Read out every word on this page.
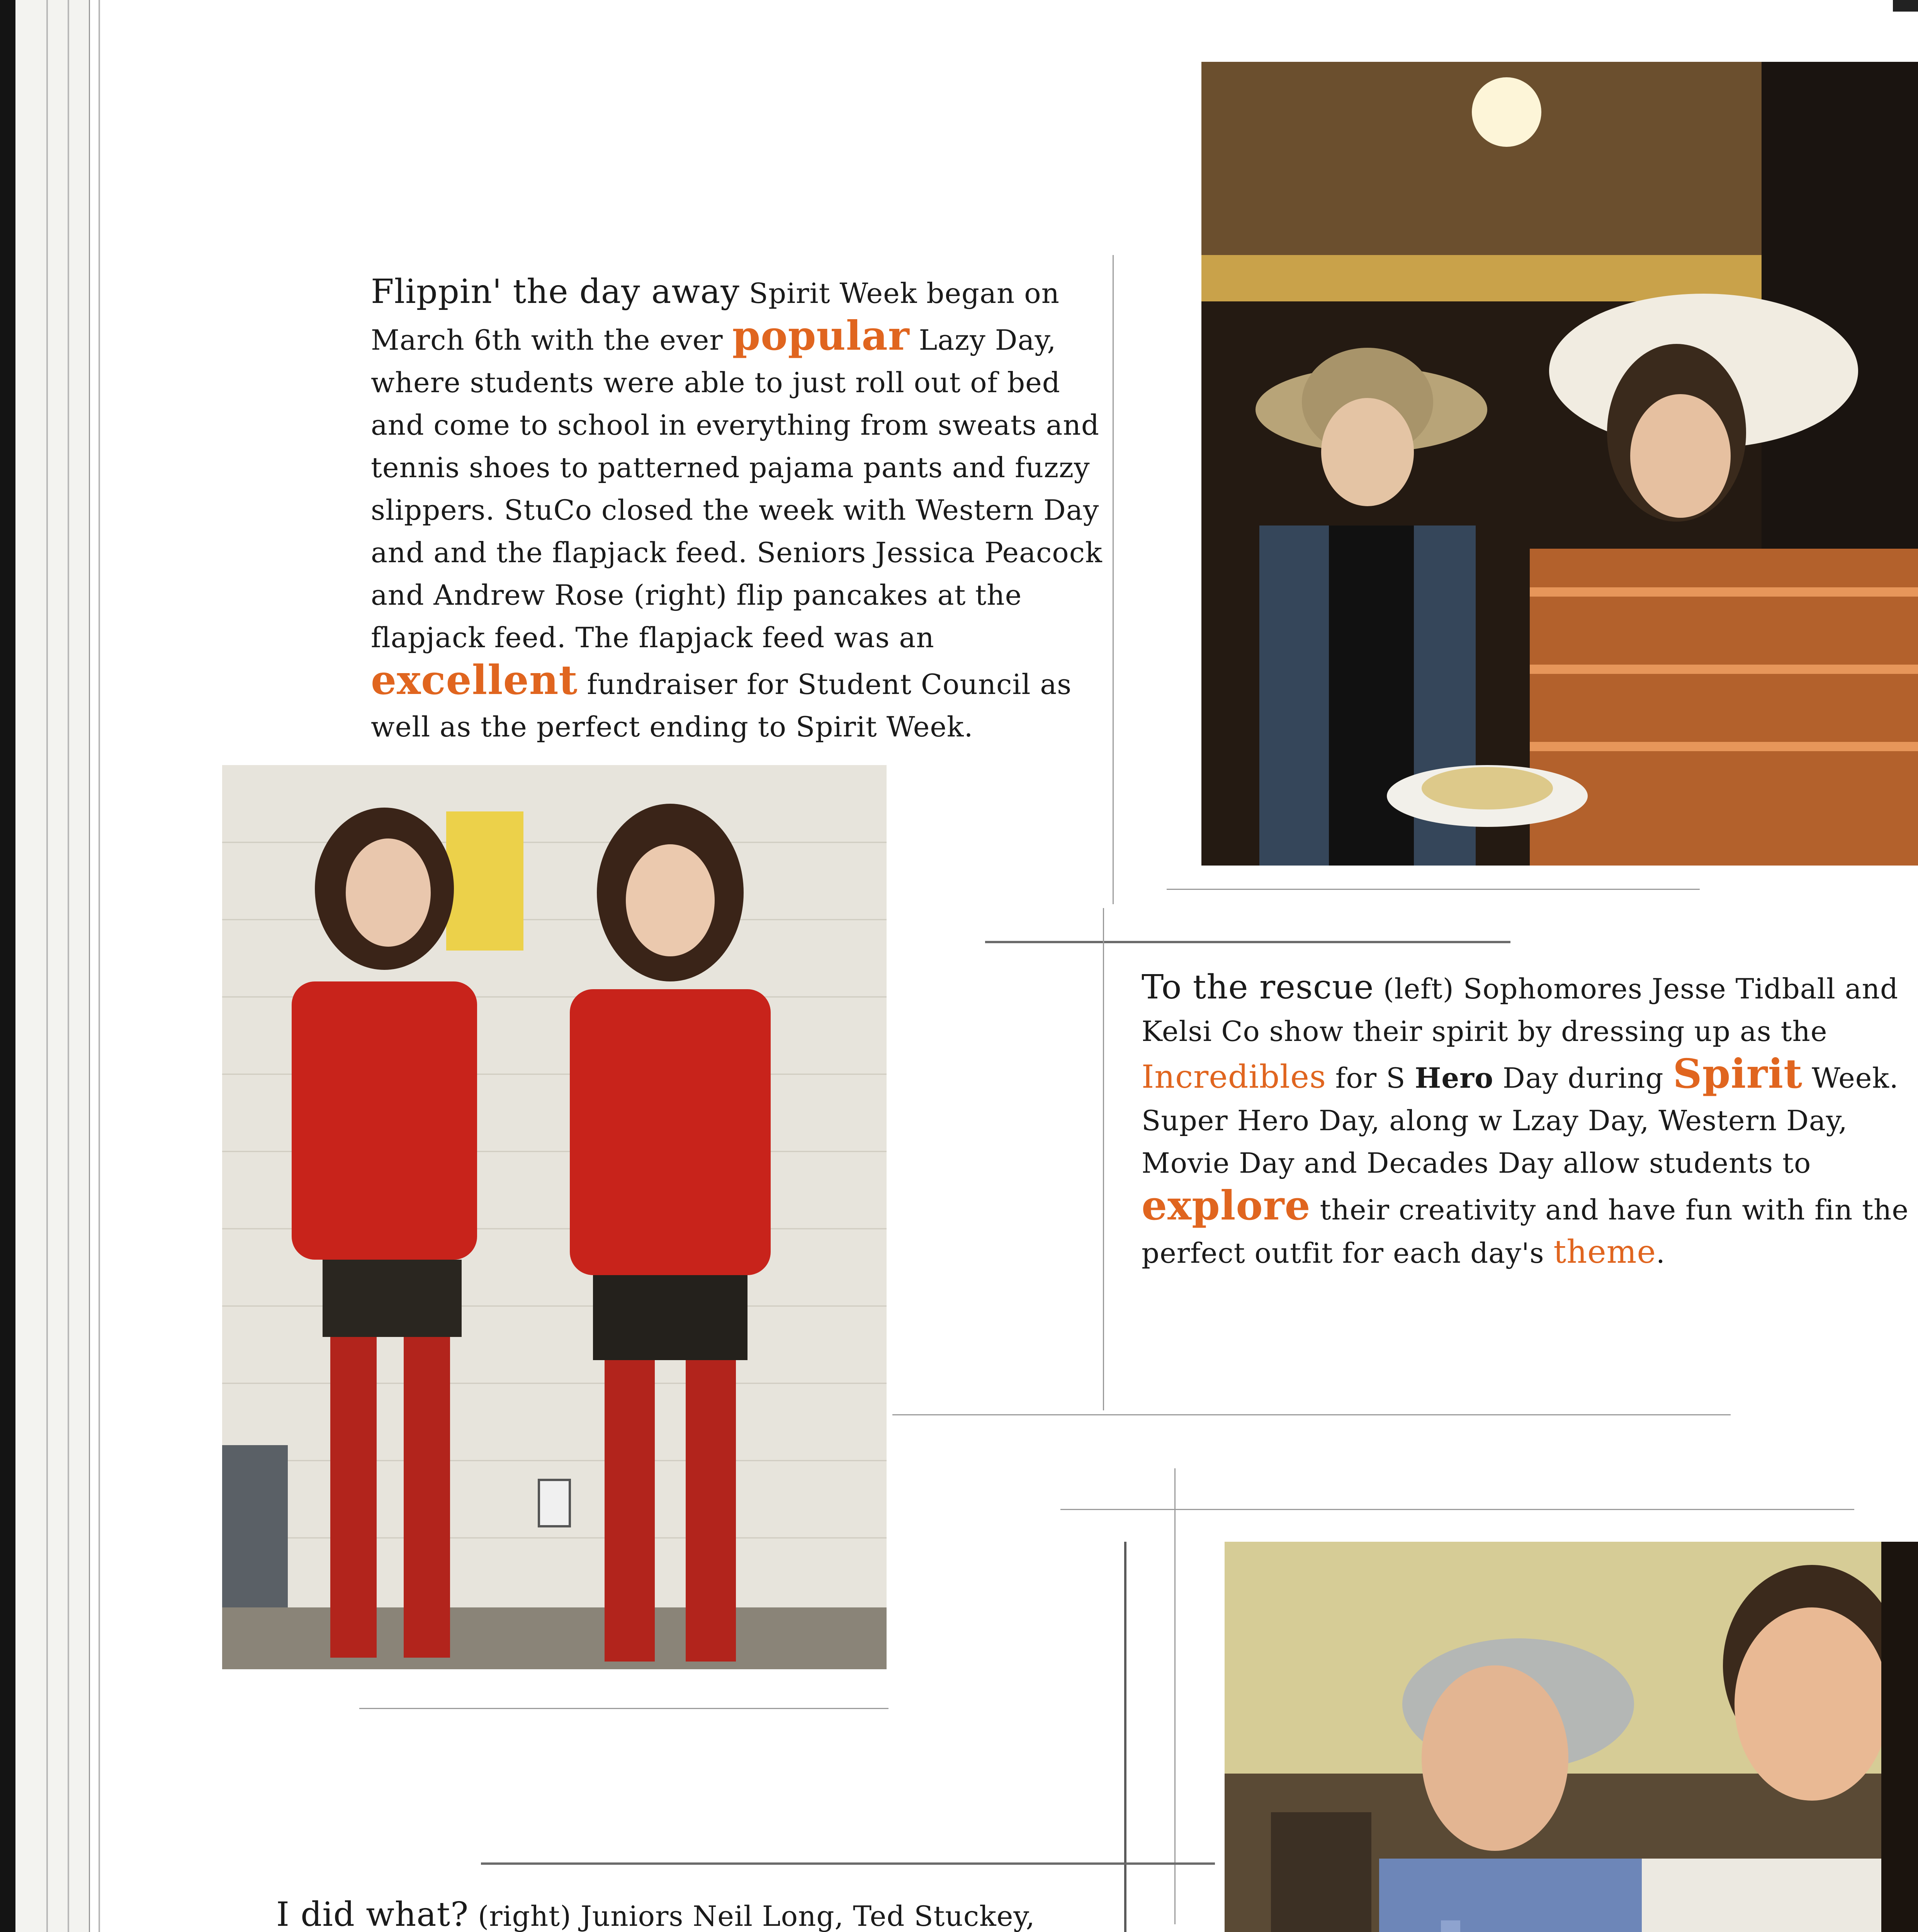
Flippin' the day away Spirit Week began on March 6th with the ever popular Lazy Day, where students were able to just roll out of bed and come to school in everything from sweats and tennis shoes to patterned pajama pants and fuzzy slippers. StuCo closed the week with Western Day and and the flapjack feed. Seniors Jessica Peacock and Andrew Rose (right) flip pancakes at the flapjack feed. The flapjack feed was an excellent fundraiser for Student Council as well as the perfect ending to Spirit Week.
To the rescue (left) Sophomores Jesse Tidball and Kelsi Co show their spirit by dressing up as the Incredibles for S Hero Day during Spirit Week. Super Hero Day, along w Lzay Day, Western Day, Movie Day and Decades Day allow students to explore their creativity and have fun with fin the perfect outfit for each day's theme.
I did what? (right) Juniors Neil Long, Ted Stuckey,
